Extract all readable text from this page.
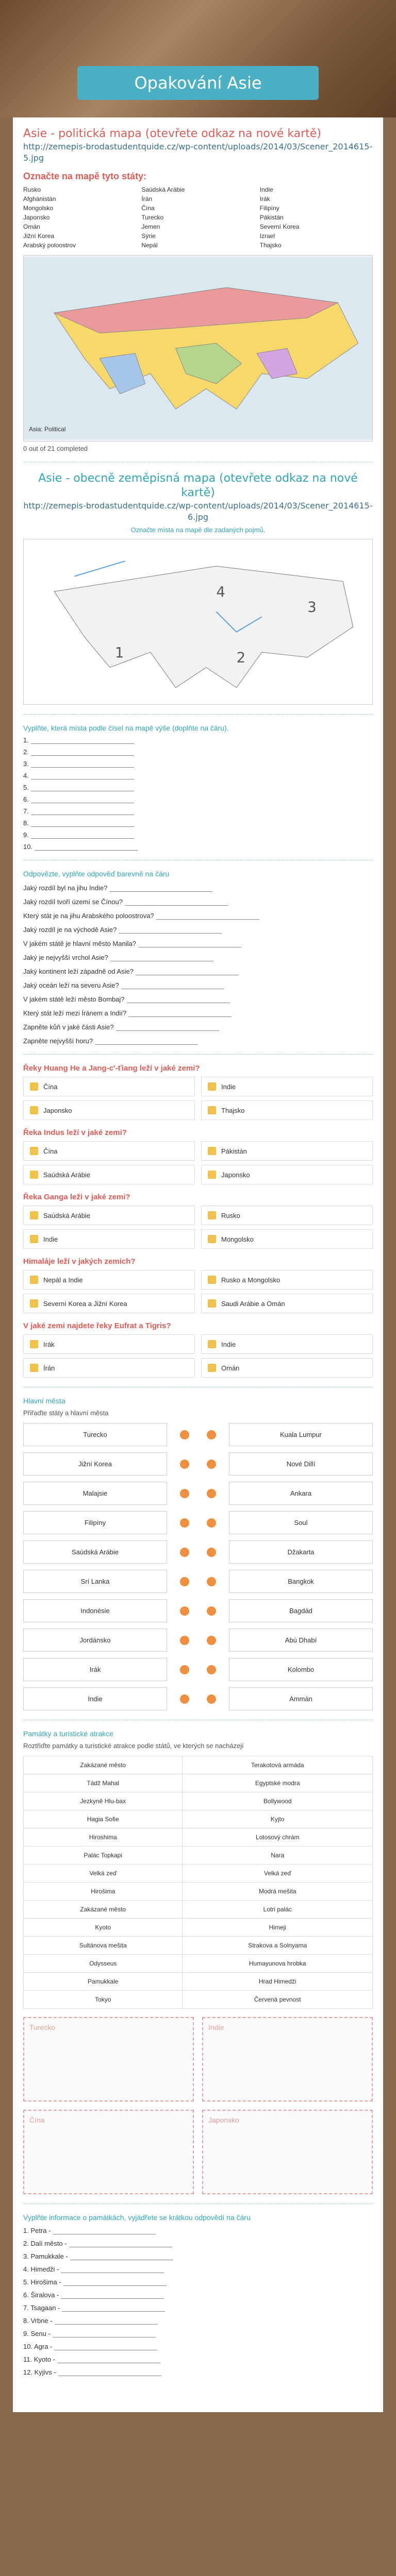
Opakování Asie
Asie - politická mapa (otevřete odkaz na nové kartě)
http://zemepis-brodastudentquide.cz/wp-content/uploads/2014/03/Scener_2014615-5.jpg
Označte na mapě tyto státy:
Rusko	Saúdská Arábie	Indie
Afghánistán	Írán	Irák
Mongolsko	Čína	Filipíny
Japonsko	Turecko	Pákistán
Omán	Jemen	Severní Korea
Jižní Korea	Sýrie	Izrael
Arabský poloostrov	Nepál	Thajsko
Asia: Political
0 out of 21 completed
Asie - obecně zeměpisná mapa (otevřete odkaz na nové kartě)
http://zemepis-brodastudentquide.cz/wp-content/uploads/2014/03/Scener_2014615-6.jpg
Označte místa na mapě dle zadaných pojmů.
1	2
3
4
Vyplňte, která místa podle čísel na mapě výše (doplňte na čáru).
1.
2.
3.
4.
5.
6.
7.
8.
9.
10.
Odpovězte, vyplňte odpověď barevně na čáru
Jaký rozdíl byl na jihu Indie?
Jaký rozdíl tvoří území se Čínou?
Který stát je na jihu Arabského poloostrova?
Jaký rozdíl je na východě Asie?
V jakém státě je hlavní město Manila?
Jaký je nejvyšší vrchol Asie?
Jaký kontinent leží západně od Asie?
Jaký oceán leží na severu Asie?
V jakém státě leží město Bombaj?
Který stát leží mezi Íránem a Indií?
Zapněte kůň v jaké části Asie?
Zapněte nejvyšší horu?
Řeky Huang He a Jang-c'-ťiang leží v jaké zemi?
Čína	Indie
Japonsko	Thajsko
Řeka Indus leží v jaké zemi?
Čína	Pákistán
Saúdská Arábie	Japonsko
Řeka Ganga leží v jaké zemi?
Saúdská Arábie	Rusko
Indie	Mongolsko
Himaláje leží v jakých zemích?
Nepál a Indie	Rusko a Mongolsko
Severní Korea a Jižní Korea	Saudi Arábie a Omán
V jaké zemi najdete řeky Eufrat a Tigris?
Irák	Indie
Írán	Omán
Hlavní města
Přiřaďte státy a hlavní města
Turecko	Kuala Lumpur
Jižní Korea	Nové Dillí
Malajsie	Ankara
Filipíny	Soul
Saúdská Arábie	Džakarta
Srí Lanka	Bangkok
Indonésie	Bagdád
Jordánsko	Abú Dhabí
Irák	Kolombo
Indie	Ammán
Památky a turistické atrakce
Roztřiďte památky a turistické atrakce podle států, ve kterých se nacházejí
Zakázané město	Terakotová armáda
Tádž Mahal	Egyptské modra
Jezkyně Hlu-bax	Bollywood
Hagia Sofie	Kyjto
Hiroshima	Lotosový chrám
Palác Topkapi	Nara
Velká zeď	Velká zeď
Hirošima	Modrá mešita
Zakázané město	Lotri palác
Kyoto	Himeji
Sultánova mešita	Strakova a Solnyama
Odysseus	Humayunova hrobka
Pamukkale	Hrad Himedži
Tokyo	Červená pevnost
Turecko	Indie
Čína	Japonsko
Vyplňte informace o památkách, vyjádřete se krátkou odpovědí na čáru
1. Petra -
2. Dalí město -
3. Pamukkale -
4. Himedži -
5. Hirošima -
6. Širalova -
7. Tsagaan -
8. Vrbne -
9. Senu -
10. Agra -
11. Kyoto -
12. Kyjivs -
